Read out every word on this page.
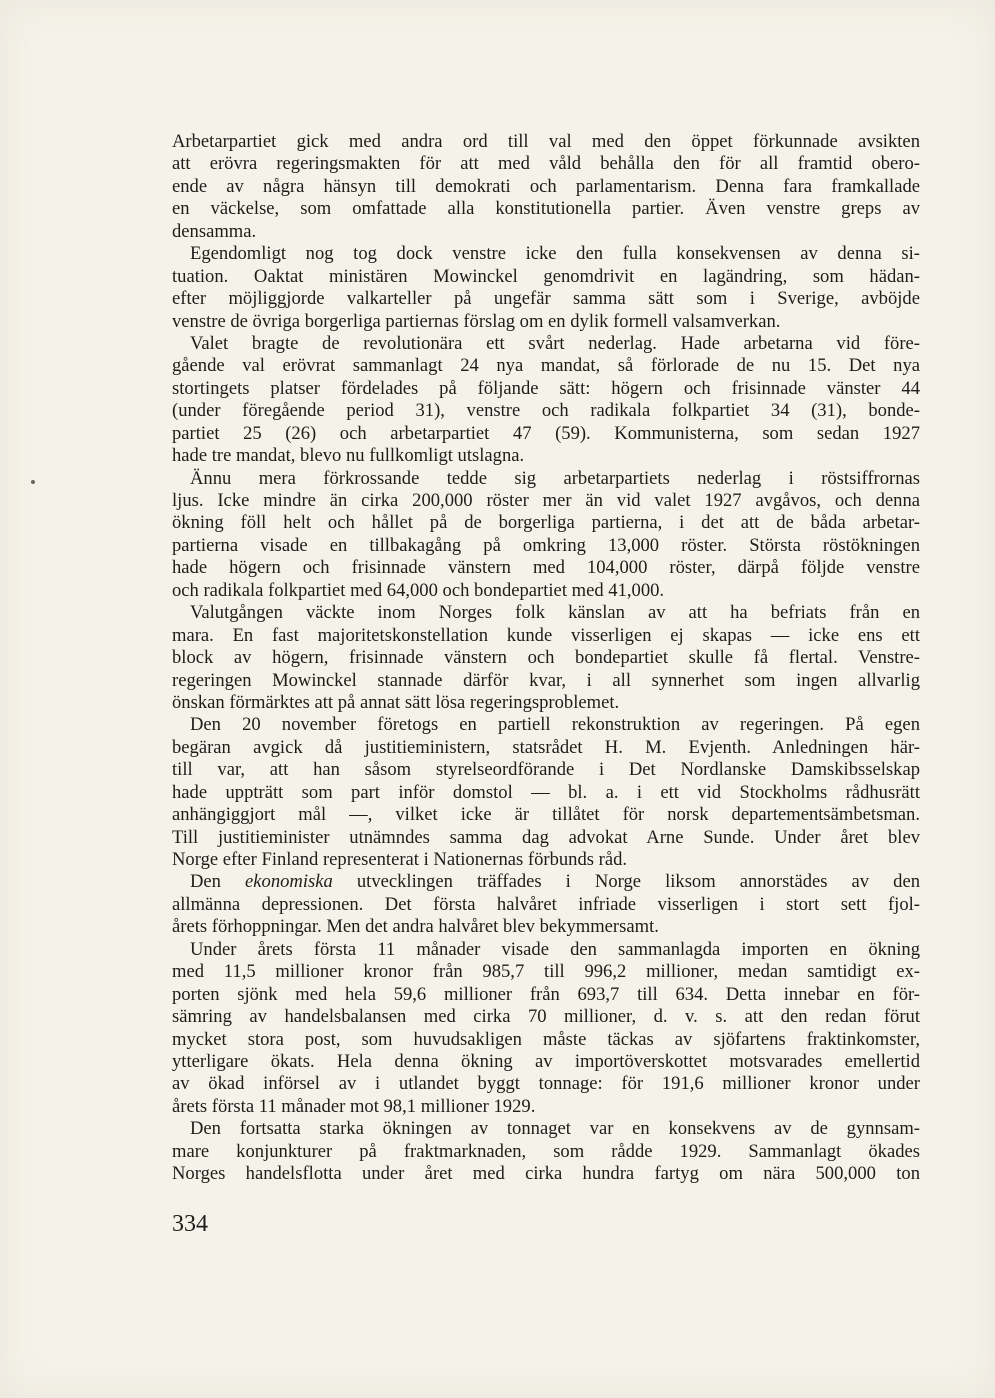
Arbetarpartiet gick med andra ord till val med den öppet förkunnade avsikten
att erövra regeringsmakten för att med våld behålla den för all framtid obero-
ende av några hänsyn till demokrati och parlamentarism. Denna fara framkallade
en väckelse, som omfattade alla konstitutionella partier. Även venstre greps av
densamma.
Egendomligt nog tog dock venstre icke den fulla konsekvensen av denna si-
tuation. Oaktat ministären Mowinckel genomdrivit en lagändring, som hädan-
efter möjliggjorde valkarteller på ungefär samma sätt som i Sverige, avböjde
venstre de övriga borgerliga partiernas förslag om en dylik formell valsamverkan.
Valet bragte de revolutionära ett svårt nederlag. Hade arbetarna vid före-
gående val erövrat sammanlagt 24 nya mandat, så förlorade de nu 15. Det nya
stortingets platser fördelades på följande sätt: högern och frisinnade vänster 44
(under föregående period 31), venstre och radikala folkpartiet 34 (31), bonde-
partiet 25 (26) och arbetarpartiet 47 (59). Kommunisterna, som sedan 1927
hade tre mandat, blevo nu fullkomligt utslagna.
Ännu mera förkrossande tedde sig arbetarpartiets nederlag i röstsiffrornas
ljus. Icke mindre än cirka 200,000 röster mer än vid valet 1927 avgåvos, och denna
ökning föll helt och hållet på de borgerliga partierna, i det att de båda arbetar-
partierna visade en tillbakagång på omkring 13,000 röster. Största röstökningen
hade högern och frisinnade vänstern med 104,000 röster, därpå följde venstre
och radikala folkpartiet med 64,000 och bondepartiet med 41,000.
Valutgången väckte inom Norges folk känslan av att ha befriats från en
mara. En fast majoritetskonstellation kunde visserligen ej skapas — icke ens ett
block av högern, frisinnade vänstern och bondepartiet skulle få flertal. Venstre-
regeringen Mowinckel stannade därför kvar, i all synnerhet som ingen allvarlig
önskan förmärktes att på annat sätt lösa regeringsproblemet.
Den 20 november företogs en partiell rekonstruktion av regeringen. På egen
begäran avgick då justitieministern, statsrådet H. M. Evjenth. Anledningen här-
till var, att han såsom styrelseordförande i Det Nordlanske Damskibsselskap
hade uppträtt som part inför domstol — bl. a. i ett vid Stockholms rådhusrätt
anhängiggjort mål —, vilket icke är tillåtet för norsk departementsämbetsman.
Till justitieminister utnämndes samma dag advokat Arne Sunde. Under året blev
Norge efter Finland representerat i Nationernas förbunds råd.
Den ekonomiska utvecklingen träffades i Norge liksom annorstädes av den
allmänna depressionen. Det första halvåret infriade visserligen i stort sett fjol-
årets förhoppningar. Men det andra halvåret blev bekymmersamt.
Under årets första 11 månader visade den sammanlagda importen en ökning
med 11,5 millioner kronor från 985,7 till 996,2 millioner, medan samtidigt ex-
porten sjönk med hela 59,6 millioner från 693,7 till 634. Detta innebar en för-
sämring av handelsbalansen med cirka 70 millioner, d. v. s. att den redan förut
mycket stora post, som huvudsakligen måste täckas av sjöfartens fraktinkomster,
ytterligare ökats. Hela denna ökning av importöverskottet motsvarades emellertid
av ökad införsel av i utlandet byggt tonnage: för 191,6 millioner kronor under
årets första 11 månader mot 98,1 millioner 1929.
Den fortsatta starka ökningen av tonnaget var en konsekvens av de gynnsam-
mare konjunkturer på fraktmarknaden, som rådde 1929. Sammanlagt ökades
Norges handelsflotta under året med cirka hundra fartyg om nära 500,000 ton
334
